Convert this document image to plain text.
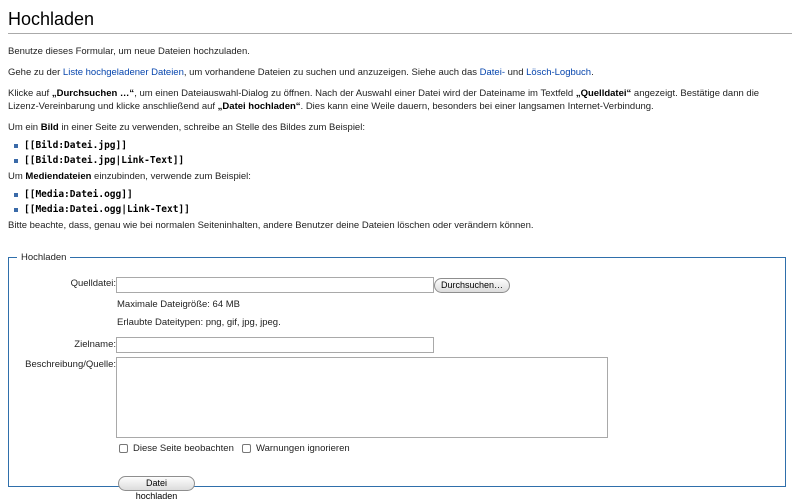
Hochladen

Benutze dieses Formular, um neue Dateien hochzuladen.

Gehe zu der Liste hochgeladener Dateien, um vorhandene Dateien zu suchen und anzuzeigen. Siehe auch das Datei- und Lösch-Logbuch.

Klicke auf „Durchsuchen …“, um einen Dateiauswahl-Dialog zu öffnen. Nach der Auswahl einer Datei wird der Dateiname im Textfeld „Quelldatei“ angezeigt. Bestätige dann die Lizenz-Vereinbarung und klicke anschließend auf „Datei hochladen“. Dies kann eine Weile dauern, besonders bei einer langsamen Internet-Verbindung.

Um ein Bild in einer Seite zu verwenden, schreibe an Stelle des Bildes zum Beispiel:

[[Bild:Datei.jpg]]
[[Bild:Datei.jpg|Link-Text]]

Um Mediendateien einzubinden, verwende zum Beispiel:

[[Media:Datei.ogg]]
[[Media:Datei.ogg|Link-Text]]

Bitte beachte, dass, genau wie bei normalen Seiteninhalten, andere Benutzer deine Dateien löschen oder verändern können.

Hochladen
Quelldatei:	Durchsuchen…
Maximale Dateigröße: 64 MB
Erlaubte Dateitypen: png, gif, jpg, jpeg.
Zielname:
Beschreibung/Quelle:
Diese Seite beobachten Warnungen ignorieren
Datei hochladen
